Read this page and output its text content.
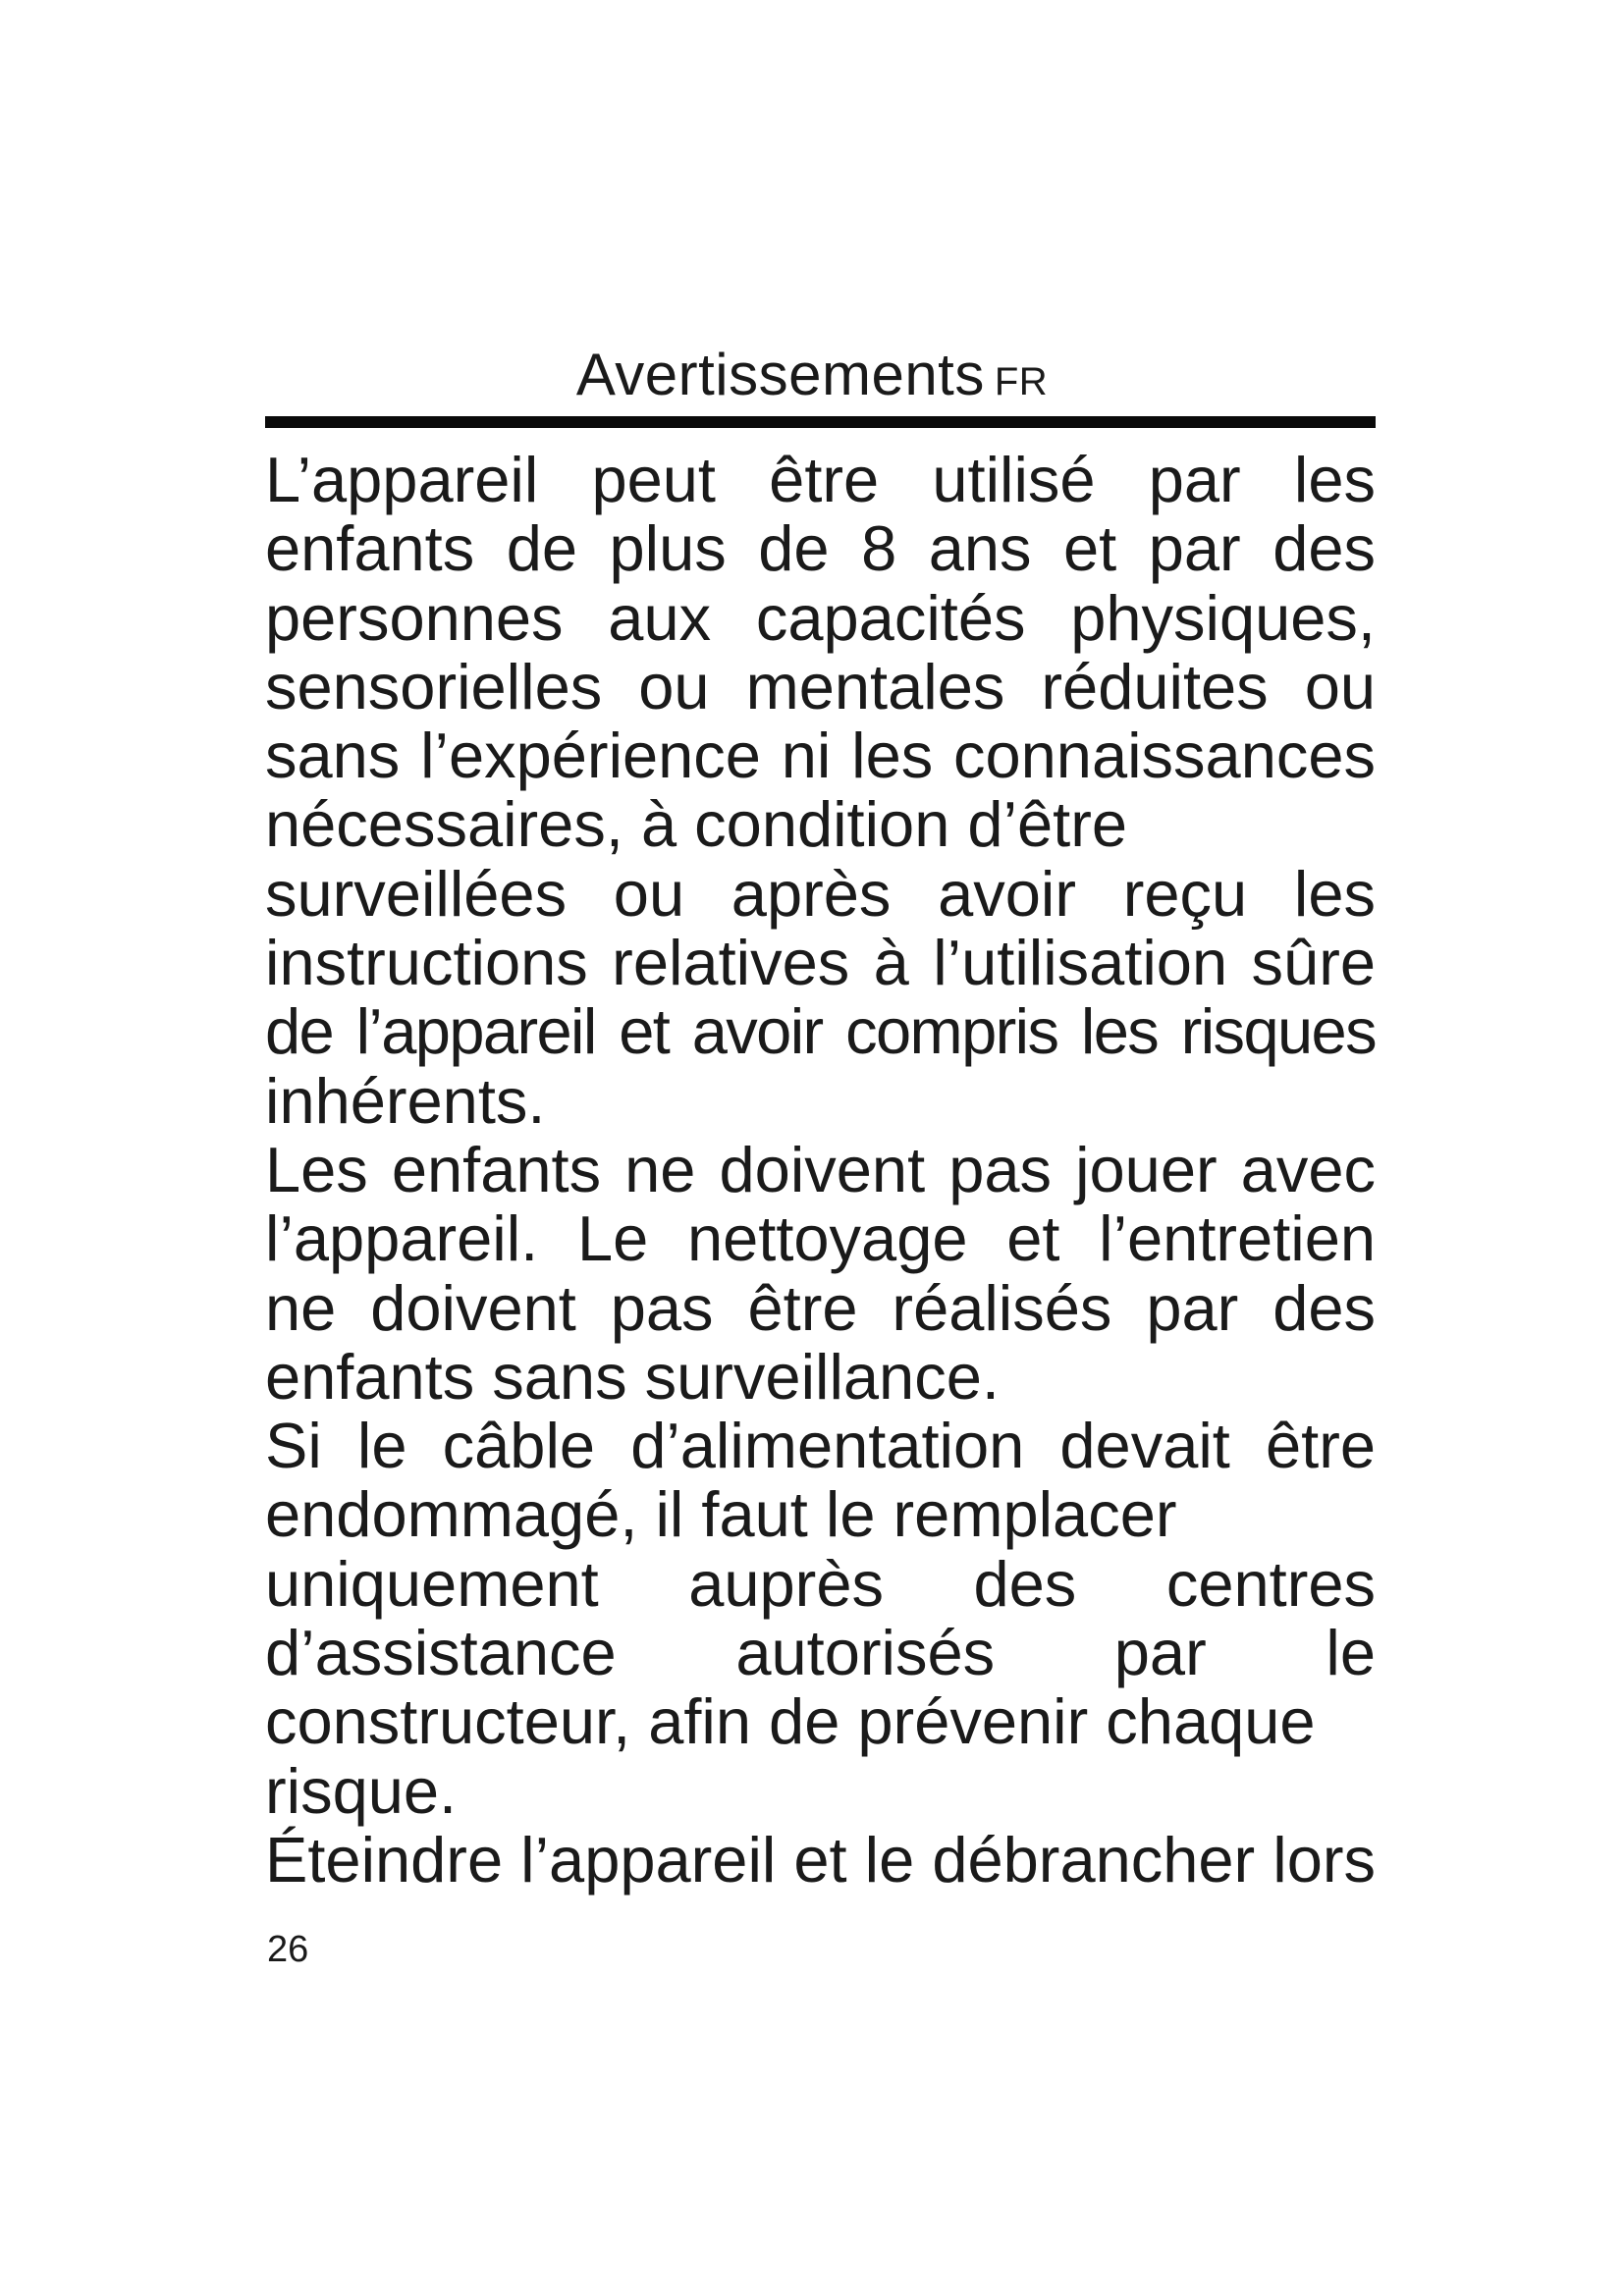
Avertissements FR
L’appareil peut être utilisé par les
enfants de plus de 8 ans et par des
personnes aux capacités physiques,
sensorielles ou mentales réduites ou
sans l’expérience ni les connaissances
nécessaires, à condition d’être
surveillées ou après avoir reçu les
instructions relatives à l’utilisation sûre
de l’appareil et avoir compris les risques
inhérents.
Les enfants ne doivent pas jouer avec
l’appareil. Le nettoyage et l’entretien
ne doivent pas être réalisés par des
enfants sans surveillance.
Si le câble d’alimentation devait être
endommagé, il faut le remplacer
uniquement auprès des centres
d’assistance autorisés par le
constructeur, afin de prévenir chaque
risque.
Éteindre l’appareil et le débrancher lors
26
